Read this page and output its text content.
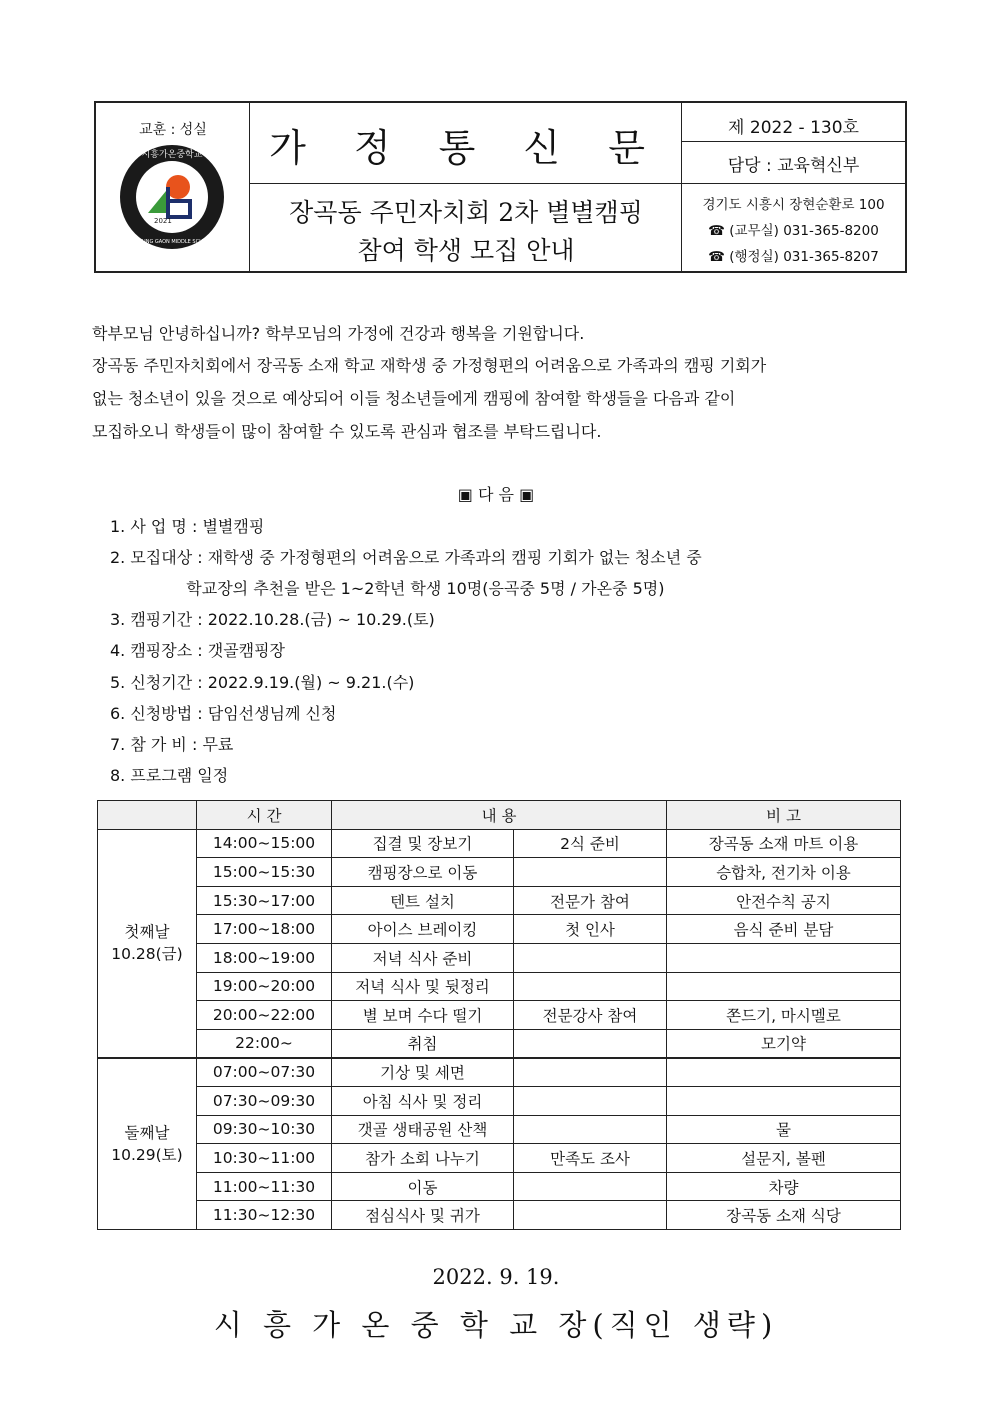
교훈 : 성실
2021
시흥가온중학교
SIHEUNG GAON MIDDLE SCHOOL
가 정 통 신 문
장곡동 주민자치회 2차 별별캠핑
참여 학생 모집 안내
제 2022 - 130호
담당 : 교육혁신부
경기도 시흥시 장현순환로 100
☎ (교무실) 031-365-8200
☎ (행정실) 031-365-8207
학부모님 안녕하십니까? 학부모님의 가정에 건강과 행복을 기원합니다.
장곡동 주민자치회에서 장곡동 소재 학교 재학생 중 가정형편의 어려움으로 가족과의 캠핑 기회가
없는 청소년이 있을 것으로 예상되어 이들 청소년들에게 캠핑에 참여할 학생들을 다음과 같이
모집하오니 학생들이 많이 참여할 수 있도록 관심과 협조를 부탁드립니다.
▣ 다 음 ▣
1. 사 업 명 : 별별캠핑
2. 모집대상 : 재학생 중 가정형편의 어려움으로 가족과의 캠핑 기회가 없는 청소년 중
학교장의 추천을 받은 1~2학년 학생 10명(응곡중 5명 / 가온중 5명)
3. 캠핑기간 : 2022.10.28.(금) ~ 10.29.(토)
4. 캠핑장소 : 갯골캠핑장
5. 신청기간 : 2022.9.19.(월) ~ 9.21.(수)
6. 신청방법 : 담임선생님께 신청
7. 참 가 비 : 무료
8. 프로그램 일정
	시 간	내 용		비 고

첫째날
10.28(금)	14:00~15:00	집결 및 장보기	2식 준비	장곡동 소재 마트 이용
	15:00~15:30	캠핑장으로 이동		승합차, 전기차 이용
	15:30~17:00	텐트 설치	전문가 참여	안전수칙 공지
	17:00~18:00	아이스 브레이킹	첫 인사	음식 준비 분담
	18:00~19:00	저녁 식사 준비		
	19:00~20:00	저녁 식사 및 뒷정리		
	20:00~22:00	별 보며 수다 떨기	전문강사 참여	쫀드기, 마시멜로
	22:00~	취침		모기약

둘째날
10.29(토)	07:00~07:30	기상 및 세면		
	07:30~09:30	아침 식사 및 정리		
	09:30~10:30	갯골 생태공원 산책		물
	10:30~11:00	참가 소회 나누기	만족도 조사	설문지, 볼펜
	11:00~11:30	이동		차량
	11:30~12:30	점심식사 및 귀가		장곡동 소재 식당
2022. 9. 19.
시 흥 가 온 중 학 교 장(직인 생략)
